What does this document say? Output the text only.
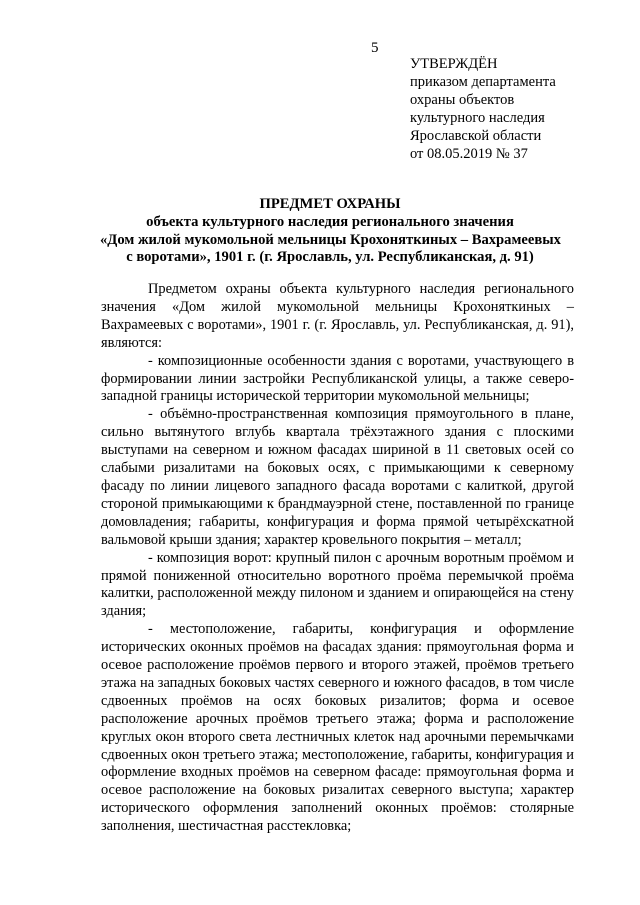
5
УТВЕРЖДЁН
приказом департамента
охраны объектов
культурного наследия
Ярославской области
от 08.05.2019 № 37
ПРЕДМЕТ ОХРАНЫ
объекта культурного наследия регионального значения
«Дом жилой мукомольной мельницы Крохоняткиных – Вахрамеевых
с воротами», 1901 г. (г. Ярославль, ул. Республиканская, д. 91)

Предметом охраны объекта культурного наследия регионального значения «Дом жилой мукомольной мельницы Крохоняткиных – Вахрамеевых с воротами», 1901 г. (г. Ярославль, ул. Республиканская, д. 91), являются:

- композиционные особенности здания с воротами, участвующего в формировании линии застройки Республиканской улицы, а также северо-западной границы исторической территории мукомольной мельницы;

- объёмно-пространственная композиция прямоугольного в плане, сильно вытянутого вглубь квартала трёхэтажного здания с плоскими выступами на северном и южном фасадах шириной в 11 световых осей со слабыми ризалитами на боковых осях, с примыкающими к северному фасаду по линии лицевого западного фасада воротами с калиткой, другой стороной примыкающими к брандмауэрной стене, поставленной по границе домовладения; габариты, конфигурация и форма прямой четырёхскатной вальмовой крыши здания; характер кровельного покрытия – металл;

- композиция ворот: крупный пилон с арочным воротным проёмом и прямой пониженной относительно воротного проёма перемычкой проёма калитки, расположенной между пилоном и зданием и опирающейся на стену здания;

- местоположение, габариты, конфигурация и оформление исторических оконных проёмов на фасадах здания: прямоугольная форма и осевое расположение проёмов первого и второго этажей, проёмов третьего этажа на западных боковых частях северного и южного фасадов, в том числе сдвоенных проёмов на осях боковых ризалитов; форма и осевое расположение арочных проёмов третьего этажа; форма и расположение круглых окон второго света лестничных клеток над арочными перемычками сдвоенных окон третьего этажа; местоположение, габариты, конфигурация и оформление входных проёмов на северном фасаде: прямоугольная форма и осевое расположение на боковых ризалитах северного выступа; характер исторического оформления заполнений оконных проёмов: столярные заполнения, шестичастная расстекловка;
